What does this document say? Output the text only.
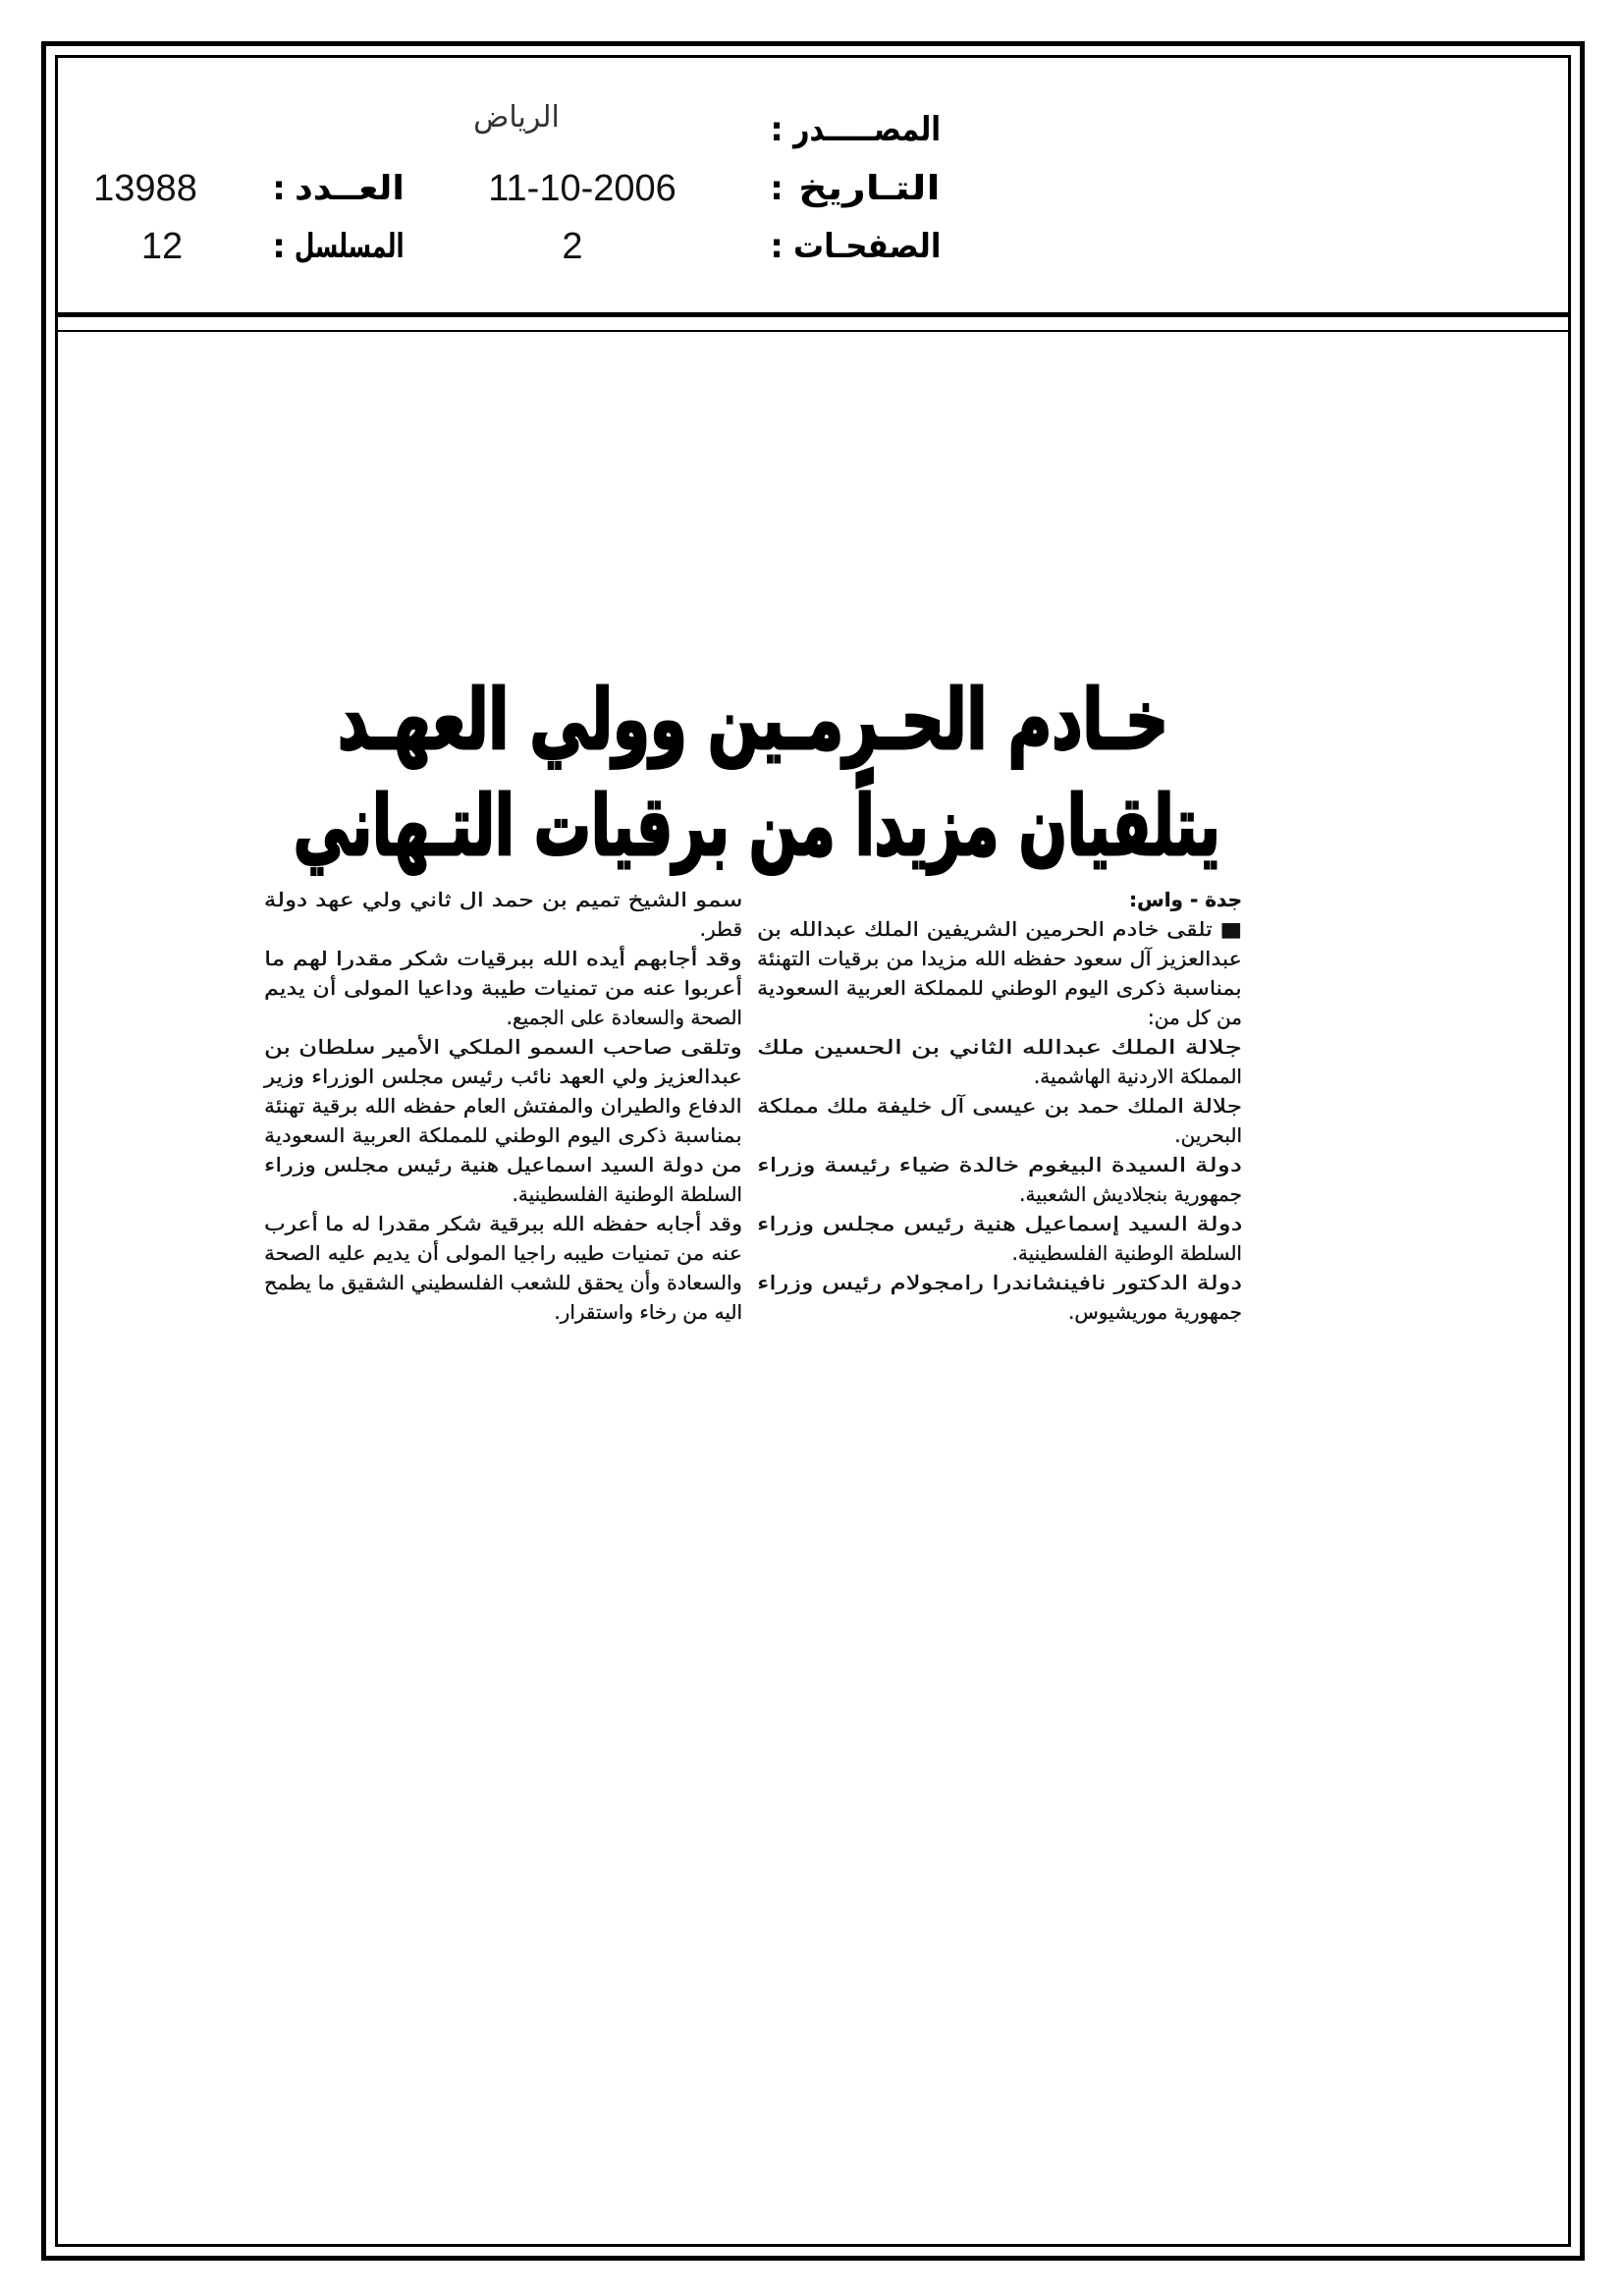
المصـــــدر
:
الرياض
التـاريخ
:
11-10-2006
العــدد
:
13988
الصفحـات
:
2
المسلسل
:
12
خـادم الحـرمـين وولي العهـد
يتلقيان مزيداً من برقيات التـهاني
جدة - واس:
■ تلقى خادم الحرمين الشريفين الملك عبدالله بن
عبدالعزيز آل سعود حفظه الله مزيدا من برقيات التهنئة
بمناسبة ذكرى اليوم الوطني للمملكة العربية السعودية
من كل من:
جلالة الملك عبدالله الثاني بن الحسين ملك
المملكة الاردنية الهاشمية.
جلالة الملك حمد بن عيسى آل خليفة ملك مملكة
البحرين.
دولة السيدة البيغوم خالدة ضياء رئيسة وزراء
جمهورية بنجلاديش الشعبية.
دولة السيد إسماعيل هنية رئيس مجلس وزراء
السلطة الوطنية الفلسطينية.
دولة الدكتور نافينشاندرا رامجولام رئيس وزراء
جمهورية موريشيوس.
سمو الشيخ تميم بن حمد ال ثاني ولي عهد دولة
قطر.
وقد أجابهم أيده الله ببرقيات شكر مقدرا لهم ما
أعربوا عنه من تمنيات طيبة وداعيا المولى أن يديم
الصحة والسعادة على الجميع.
وتلقى صاحب السمو الملكي الأمير سلطان بن
عبدالعزيز ولي العهد نائب رئيس مجلس الوزراء وزير
الدفاع والطيران والمفتش العام حفظه الله برقية تهنئة
بمناسبة ذكرى اليوم الوطني للمملكة العربية السعودية
من دولة السيد اسماعيل هنية رئيس مجلس وزراء
السلطة الوطنية الفلسطينية.
وقد أجابه حفظه الله ببرقية شكر مقدرا له ما أعرب
عنه من تمنيات طيبه راجيا المولى أن يديم عليه الصحة
والسعادة وأن يحقق للشعب الفلسطيني الشقيق ما يطمح
اليه من رخاء واستقرار.
